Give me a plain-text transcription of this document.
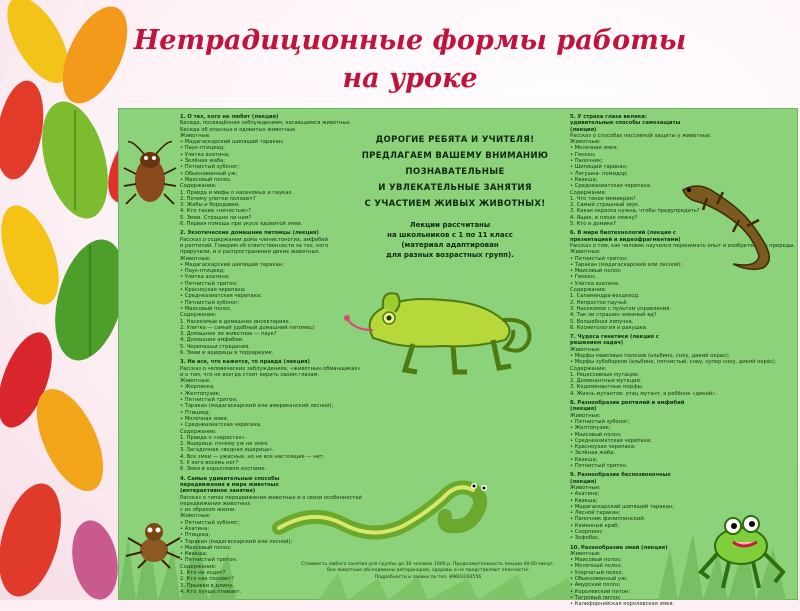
Нетрадиционные формы работы
на уроке
1. О тех, кого не любят (лекция)
Беседа, посвящённая заблуждениям, касающимся животных.
Беседа об опасных и ядовитых животных.
Животные:
• Мадагаскарский шипящий таракан;
• Паук-птицеед;
• Улитка ахатина;
• Зелёная жаба;
• Пятнистый зубоног;
• Обыкновенный уж;
• Маисовый полоз.
Содержание:
1. Правда и мифы о насекомых и пауках.
2. Почему улитки ползают?
3. Жабы и бородавки.
4. Кто такие «нечистые»?
5. Змеи. Страшно ли нам?
6. Первая помощь при укусе ядовитой змеи.
2. Экзотические домашние питомцы (лекция)
Рассказ о содержании дома членистоногих, амфибий
и рептилий. Говорим об ответственности за тех, кого
приручили, и о распространении диких животных.
Животные:
• Мадагаскарский шипящий таракан;
• Паук-птицеед;
• Улитка ахатина;
• Пятнистый тритон;
• Красноухая черепаха;
• Среднеазиатская черепаха;
• Пятнистый зубоног;
• Маисовый полоз.
Содержание:
1. Насекомые в домашних инсектариях.
2. Улитка — самый удобный домашний питомец!
3. Домашнее ли животное — паук?
4. Домашние амфибии.
5. Черепашьи страдания.
6. Змеи и ящерицы в террариуме.
3. Не все, что кажется, то правда (лекция)
Рассказ о человеческих заблуждениях, «животных-обманщиках»
и о том, что не всегда стоит верить своим глазам.
Животные:
• Жерлянка;
• Желтопузик;
• Пятнистый тритон;
• Таракан (мадагаскарский или американский лесной);
• Птицеед;
• Молочная змея;
• Среднеазиатская черепаха.
Содержание:
1. Правда о «нерестах».
2. Ящерица: почему уж не змея.
3. Загадочная «водная ящерица».
4. Все змеи — ужасные, но не все настоящие — нет.
5. У кого восемь ног?
6. Змея в коралловом костюме.
4. Самые удивительные способы передвижения в мире животных (интерактивное занятие)
Рассказ о типах передвижения животных и о связи особенностей
передвижения животных
с их образом жизни.
Животные:
• Пятнистый зубоног;
• Ахатина;
• Птицеед;
• Таракан (мадагаскарский или лесной);
• Маисовый полоз;
• Квакша;
• Пятнистый тритон.
Содержание:
1. Кто не ходит?
2. Кто как ползает?
3. Прыжки в длину.
4. Кто лучше плавает.
ДОРОГИЕ РЕБЯТА И УЧИТЕЛЯ!
ПРЕДЛАГАЕМ ВАШЕМУ ВНИМАНИЮ
ПОЗНАВАТЕЛЬНЫЕ
И УВЛЕКАТЕЛЬНЫЕ ЗАНЯТИЯ
С УЧАСТИЕМ ЖИВЫХ ЖИВОТНЫХ!
Лекции рассчитаны
на школьников с 1 по 11 класс
(материал адаптирован
для разных возрастных групп).
5. У страха глаза велики: удивительные способы самозащиты (лекция)
Рассказ о способах пассивной защиты у животных.
Животные:
• Молочная змея;
• Геккон;
• Палочник;
• Шипящий таракан;
• Лягушка- помидор;
• Квакша;
• Среднеазиатская черепаха.
Содержание:
1. Что такое мимикрия?
2. Самый страшный звук.
3. Какая окраска нужна, чтобы предупредить?
4. Ящик, в плохо ляжку?
5. Кто в домике?
6. В мире биотехнологий (лекция с презентацией и видеофрагментами)
Рассказ о том, как человек научился перенимать опыт и изобретения у природы.
Животные:
• Пятнистый тритон;
• Таракан (мадагаскарский или лесной);
• Маисовый полоз;
• Геккон;
• Улитка ахатина.
Содержание:
1. Саламандра-вездеход.
2. Непростое паучьё.
3. Насекомое с пультом управления.
4. Так ли страшен змеиный яд?
5. Волшебная липучка.
6. Косметология и ракушки.
7. Чудеса генетики (лекция с решением задач)
Животные:
• Морфы маисовых полозов (альбино, сноу, дикий окрас);
• Морфы зубоборков (альбино, пятнистый, снеу, супер сноу, дикий окрас).
Содержание:
1. Рецессивные мутации.
2. Доминантные мутации.
3. Кодоминантные морфы.
4. Жизнь мутантов: отец мутант, а ребёнок «дикий».
8. Разнообразие рептилий и амфибий (лекция)
Животные:
• Пятнистый зубоног;
• Желтопузик;
• Маисовый полоз;
• Среднеазиатская черепаха;
• Красноухая черепаха;
• Зелёная жаба;
• Квакша;
• Пятнистый тритон.
9. Разнообразие беспозвоночных (лекция)
Животные:
• Ахатина;
• Квакша;
• Мадагаскарский шипящий таракан;
• Лесной таракан;
• Палочник филиппинский;
• Каменный краб;
• Скорпион;
• Зофобас.
10. Разнообразие змей (лекция)
Животные:
• Маисовый полоз;
• Молочный полоз;
• Узорчатый полоз;
• Обыкновенный уж;
• Амурский полоз;
• Королевский питон;
• Тигровый питон;
• Калифорнийская королевская змея.
Стоимость любого занятия для группы до 30 человек 1000 р. Продолжительность лекции 40-60 минут.
Все животные обследованы ветеринаром, здоровы и не представляют опасности!
Подробности и заявки по тел. 89603292556
